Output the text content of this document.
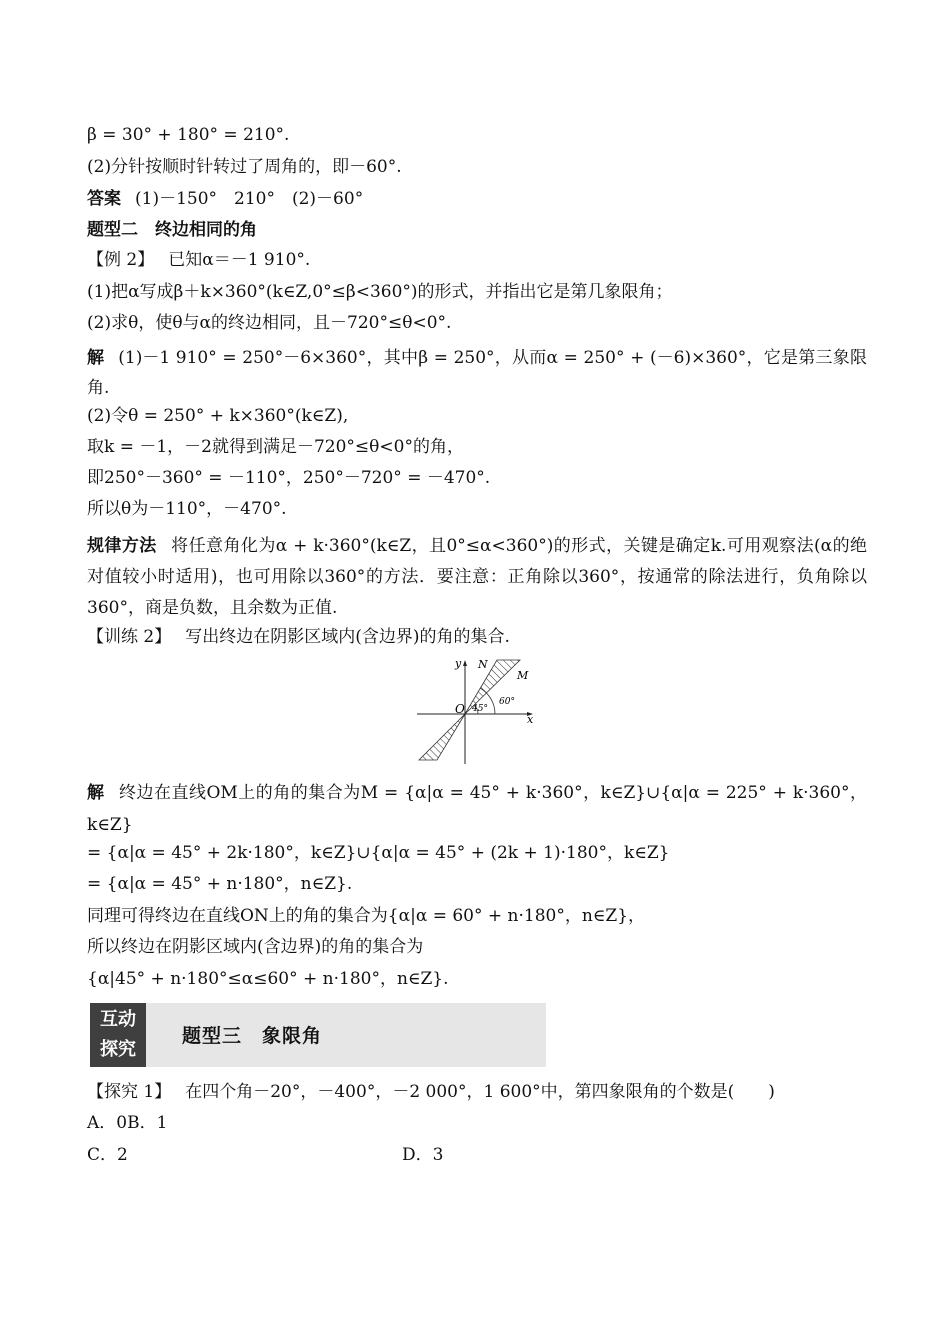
β = 30° + 180° = 210°.
(2)分针按顺时针转过了周角的，即－60°.
答案 (1)－150°　210°　(2)－60°
题型二　终边相同的角
【例 2】 已知α＝－1 910°.
(1)把α写成β＋k×360°(k∈Z,0°≤β<360°)的形式，并指出它是第几象限角；
(2)求θ，使θ与α的终边相同，且－720°≤θ<0°.
解 (1)－1 910° = 250°－6×360°，其中β = 250°，从而α = 250° + (－6)×360°，它是第三象限角.
(2)令θ = 250° + k×360°(k∈Z),
取k = －1，－2就得到满足－720°≤θ<0°的角，
即250°－360° = －110°，250°－720° = －470°.
所以θ为－110°，－470°.
规律方法 将任意角化为α + k·360°(k∈Z，且0°≤α<360°)的形式，关键是确定k.可用观察法(α的绝对值较小时适用)，也可用除以360°的方法．要注意：正角除以360°，按通常的除法进行，负角除以360°，商是负数，且余数为正值.
【训练 2】 写出终边在阴影区域内(含边界)的角的集合.
y
x
O
N
M
45°
60°
解 终边在直线OM上的角的集合为M = {α|α = 45° + k·360°，k∈Z}∪{α|α = 225° + k·360°，k∈Z}
= {α|α = 45° + 2k·180°，k∈Z}∪{α|α = 45° + (2k + 1)·180°，k∈Z}
= {α|α = 45° + n·180°，n∈Z}.
同理可得终边在直线ON上的角的集合为{α|α = 60° + n·180°，n∈Z}，
所以终边在阴影区域内(含边界)的角的集合为
{α|45° + n·180°≤α≤60° + n·180°，n∈Z}.
互动
探究
题型三　象限角
【探究 1】 在四个角－20°，－400°，－2 000°，1 600°中，第四象限角的个数是(　　)
A．0B．1
C．2	D．3
